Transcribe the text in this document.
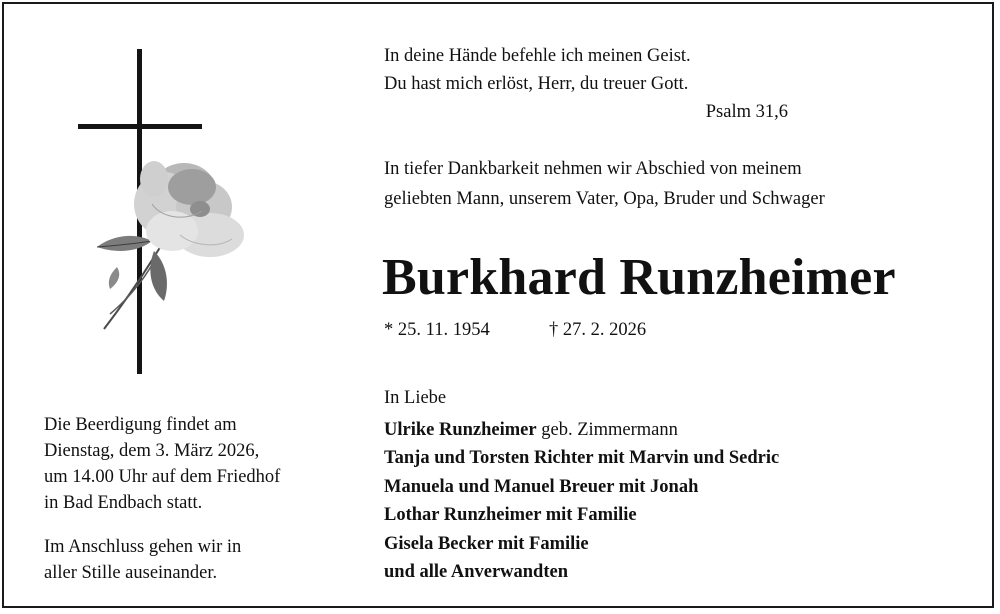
In deine Hände befehle ich meinen Geist.
Du hast mich erlöst, Herr, du treuer Gott.
Psalm 31,6
In tiefer Dankbarkeit nehmen wir Abschied von meinem
geliebten Mann, unserem Vater, Opa, Bruder und Schwager
Burkhard Runzheimer
* 25. 11. 1954	† 27. 2. 2026
Die Beerdigung findet am
Dienstag, dem 3. März 2026,
um 14.00 Uhr auf dem Friedhof
in Bad Endbach statt.
Im Anschluss gehen wir in
aller Stille auseinander.
In Liebe
Ulrike Runzheimer geb. Zimmermann
Tanja und Torsten Richter mit Marvin und Sedric
Manuela und Manuel Breuer mit Jonah
Lothar Runzheimer mit Familie
Gisela Becker mit Familie
und alle Anverwandten
